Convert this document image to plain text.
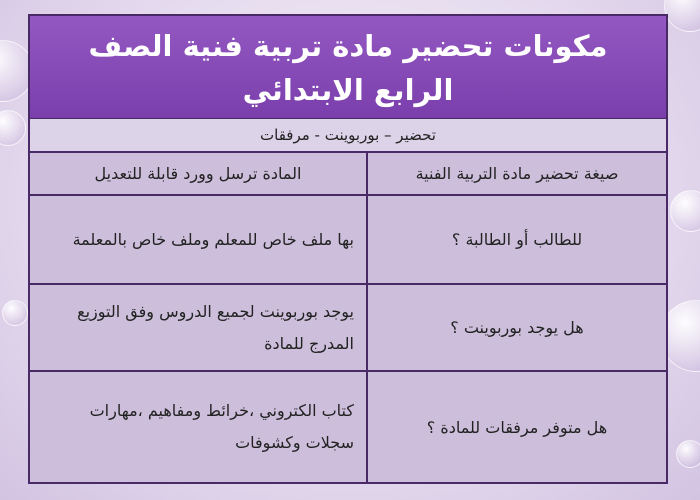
مكونات تحضير مادة تربية فنية الصف الرابع الابتدائي
تحضير – بوربوينت - مرفقات
صيغة تحضير مادة التربية الفنية
المادة ترسل وورد قابلة للتعديل
للطالب أو الطالبة ؟
بها ملف خاص للمعلم وملف خاص بالمعلمة
هل يوجد بوربوينت ؟
يوجد بوربوينت لجميع الدروس وفق التوزيع المدرج للمادة
هل متوفر مرفقات للمادة ؟
كتاب الكتروني ،خرائط ومفاهيم ،مهارات سجلات وكشوفات
